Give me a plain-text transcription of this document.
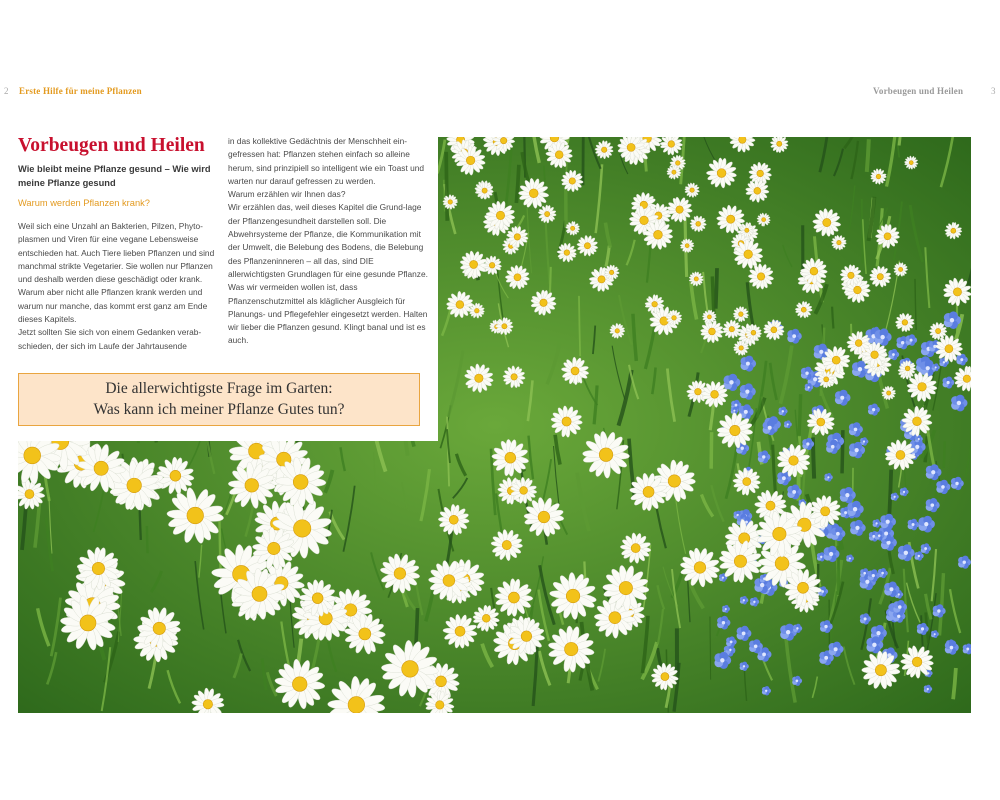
2 Erste Hilfe für meine Pflanzen	Vorbeugen und Heilen	3
Vorbeugen und Heilen
Wie bleibt meine Pflanze gesund – Wie wird meine Pflanze gesund
Warum werden Pflanzen krank?

Weil sich eine Unzahl an Bakterien, Pilzen, Phyto-plasmen und Viren für eine vegane Lebensweise entschieden hat. Auch Tiere lieben Pflanzen und sind manchmal strikte Vegetarier. Sie wollen nur Pflanzen und deshalb werden diese geschädigt oder krank. Warum aber nicht alle Pflanzen krank werden und warum nur manche, das kommt erst ganz am Ende dieses Kapitels.

Jetzt sollten Sie sich von einem Gedanken verab-schieden, der sich im Laufe der Jahrtausende

in das kollektive Gedächtnis der Menschheit ein-gefressen hat: Pflanzen stehen einfach so alleine herum, sind prinzipiell so intelligent wie ein Toast und warten nur darauf gefressen zu werden.

Warum erzählen wir Ihnen das?

Wir erzählen das, weil dieses Kapitel die Grund-lage der Pflanzengesundheit darstellen soll. Die Abwehrsysteme der Pflanze, die Kommunikation mit der Umwelt, die Belebung des Bodens, die Belebung des Pflanzeninneren – all das, sind DIE allerwichtigsten Grundlagen für eine gesunde Pflanze. Was wir vermeiden wollen ist, dass Pflanzenschutzmittel als kläglicher Ausgleich für Planungs- und Pflegefehler eingesetzt werden. Halten wir lieber die Pflanzen gesund. Klingt banal und ist es auch.

Die allerwichtigste Frage im Garten:
Was kann ich meiner Pflanze Gutes tun?
